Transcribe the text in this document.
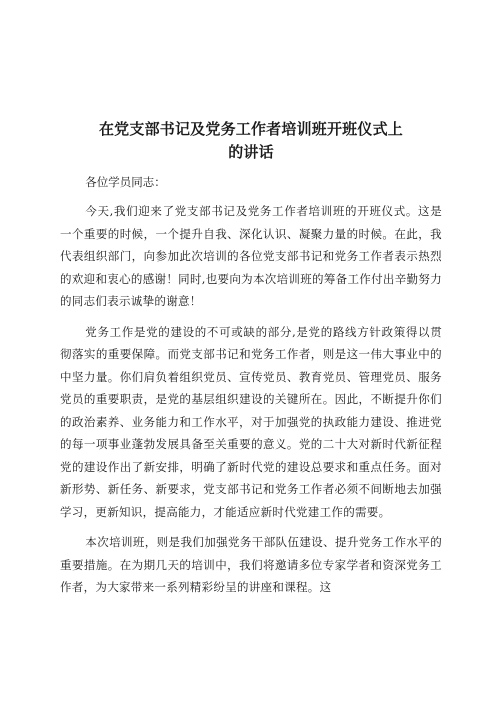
在党支部书记及党务工作者培训班开班仪式上
的讲话

各位学员同志：

今天,我们迎来了党支部书记及党务工作者培训班的开班仪式。这是一个重要的时候，一个提升自我、深化认识、凝聚力量的时候。在此，我代表组织部门，向参加此次培训的各位党支部书记和党务工作者表示热烈的欢迎和衷心的感谢！同时,也要向为本次培训班的筹备工作付出辛勤努力的同志们表示诚挚的谢意！

党务工作是党的建设的不可或缺的部分,是党的路线方针政策得以贯彻落实的重要保障。而党支部书记和党务工作者，则是这一伟大事业中的中坚力量。你们肩负着组织党员、宣传党员、教育党员、管理党员、服务党员的重要职责，是党的基层组织建设的关键所在。因此，不断提升你们的政治素养、业务能力和工作水平，对于加强党的执政能力建设、推进党的每一项事业蓬勃发展具备至关重要的意义。党的二十大对新时代新征程党的建设作出了新安排，明确了新时代党的建设总要求和重点任务。面对新形势、新任务、新要求，党支部书记和党务工作者必须不间断地去加强学习，更新知识，提高能力，才能适应新时代党建工作的需要。

本次培训班，则是我们加强党务干部队伍建设、提升党务工作水平的重要措施。在为期几天的培训中，我们将邀请多位专家学者和资深党务工作者，为大家带来一系列精彩纷呈的讲座和课程。这
